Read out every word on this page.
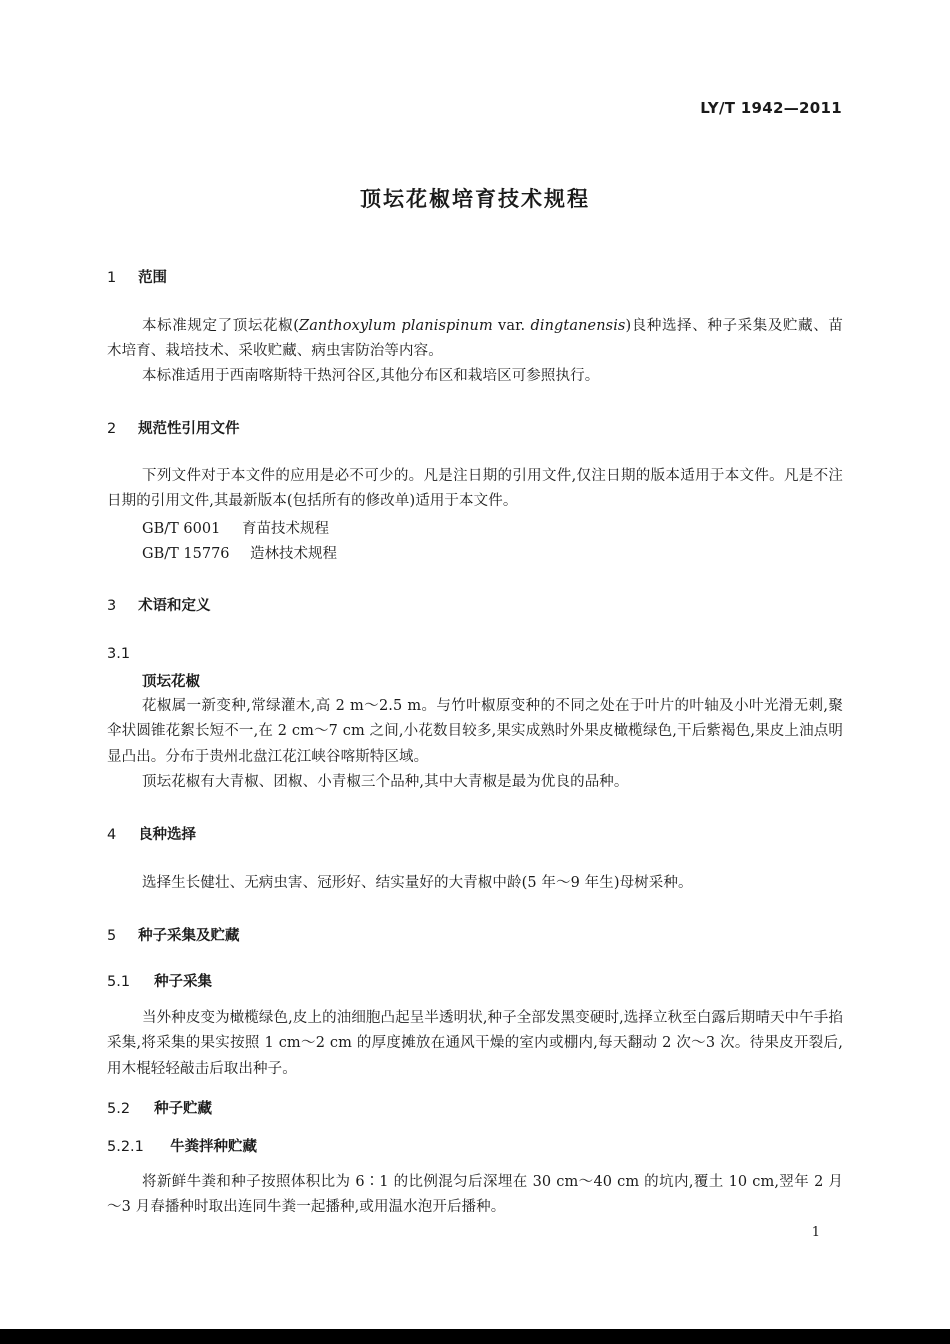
LY/T 1942—2011
顶坛花椒培育技术规程
1 范围

本标准规定了顶坛花椒(Zanthoxylum planispinum var. dingtanensis)良种选择、种子采集及贮藏、苗木培育、栽培技术、采收贮藏、病虫害防治等内容。

本标准适用于西南喀斯特干热河谷区,其他分布区和栽培区可参照执行。

2 规范性引用文件

下列文件对于本文件的应用是必不可少的。凡是注日期的引用文件,仅注日期的版本适用于本文件。凡是不注日期的引用文件,其最新版本(包括所有的修改单)适用于本文件。

GB/T 6001 育苗技术规程
GB/T 15776 造林技术规程
3 术语和定义
3.1
顶坛花椒

花椒属一新变种,常绿灌木,高 2 m～2.5 m。与竹叶椒原变种的不同之处在于叶片的叶轴及小叶光滑无刺,聚伞状圆锥花絮长短不一,在 2 cm～7 cm 之间,小花数目较多,果实成熟时外果皮橄榄绿色,干后紫褐色,果皮上油点明显凸出。分布于贵州北盘江花江峡谷喀斯特区域。

顶坛花椒有大青椒、团椒、小青椒三个品种,其中大青椒是最为优良的品种。

4 良种选择

选择生长健壮、无病虫害、冠形好、结实量好的大青椒中龄(5 年～9 年生)母树采种。

5 种子采集及贮藏
5.1 种子采集

当外种皮变为橄榄绿色,皮上的油细胞凸起呈半透明状,种子全部发黑变硬时,选择立秋至白露后期晴天中午手掐采集,将采集的果实按照 1 cm～2 cm 的厚度摊放在通风干燥的室内或棚内,每天翻动 2 次～3 次。待果皮开裂后,用木棍轻轻敲击后取出种子。

5.2 种子贮藏
5.2.1 牛粪拌种贮藏

将新鲜牛粪和种子按照体积比为 6∶1 的比例混匀后深埋在 30 cm～40 cm 的坑内,覆土 10 cm,翌年 2 月～3 月春播种时取出连同牛粪一起播种,或用温水泡开后播种。

1
